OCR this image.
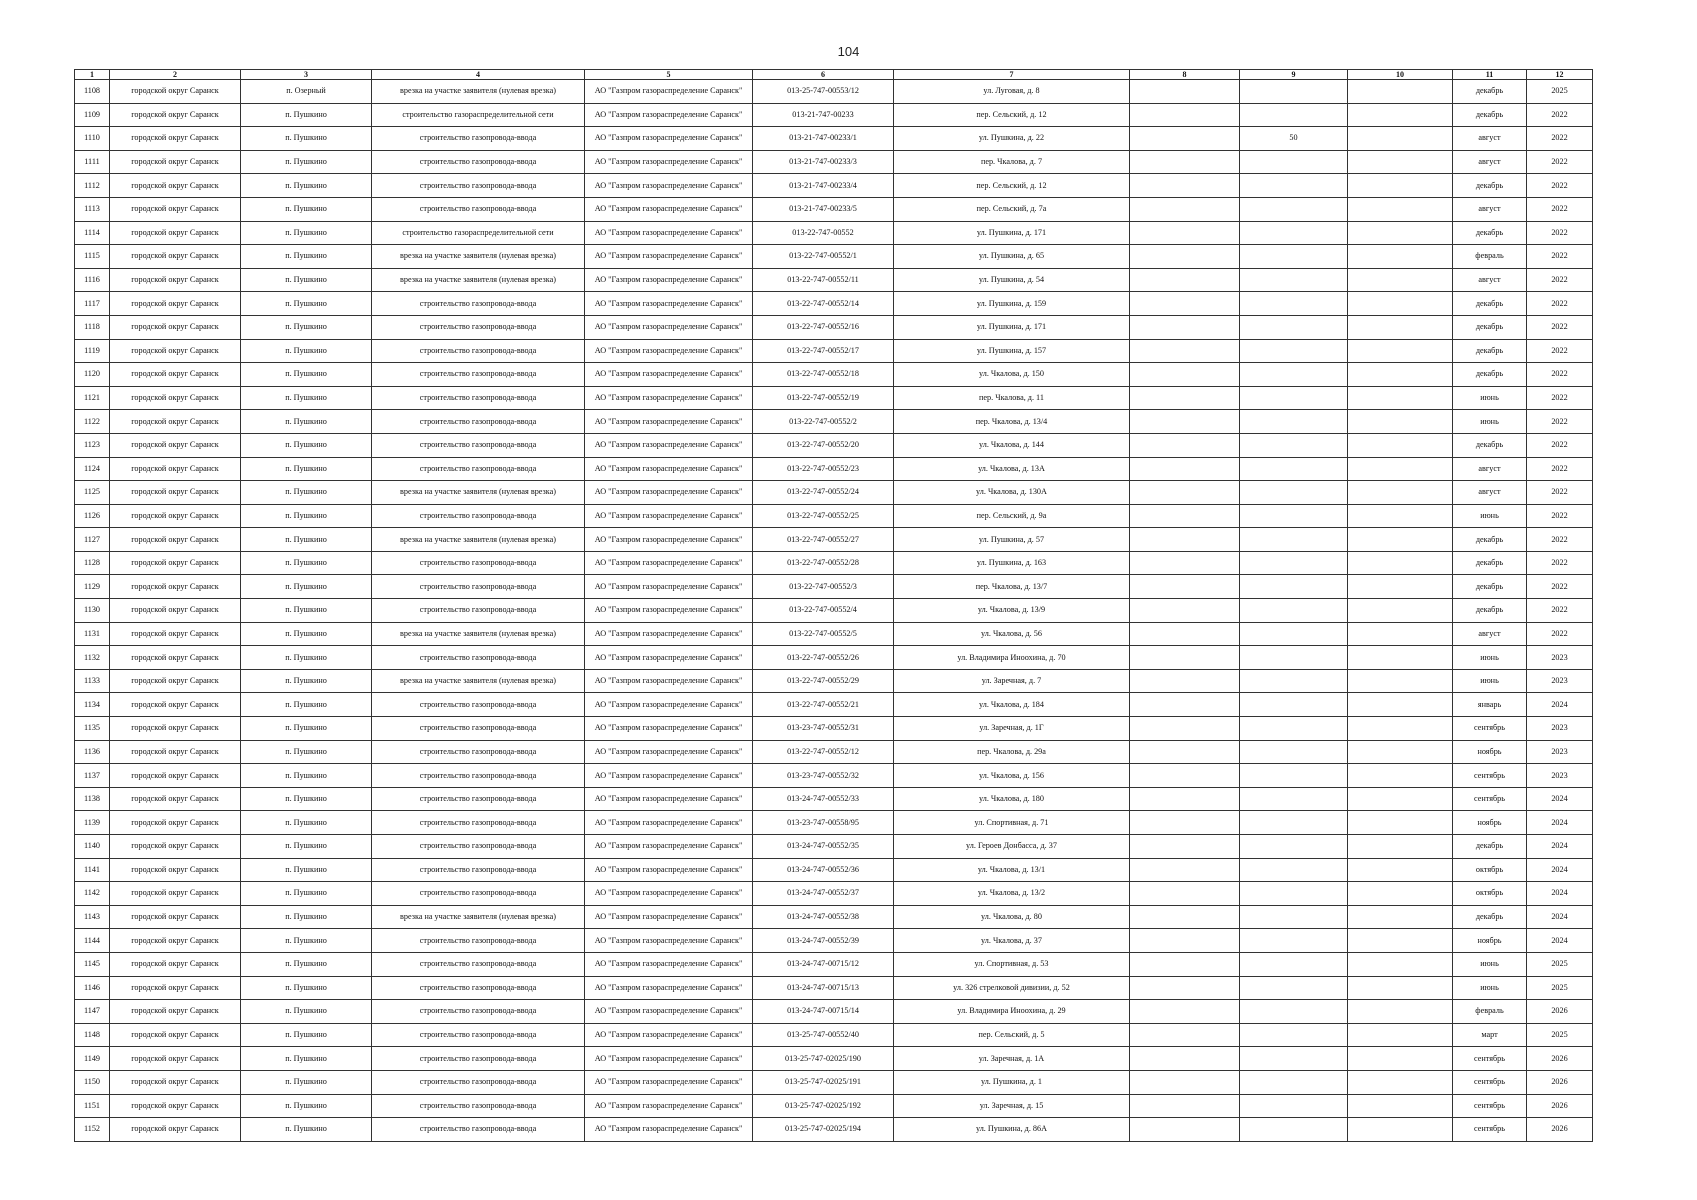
104
1	2	3	4	5	6	7	8	9	10	11	12
1108	городской округ Саранск	п. Озерный	врезка на участке заявителя (нулевая врезка)	АО "Газпром газораспределение Саранск"	013-25-747-00553/12	ул. Луговая, д. 8				декабрь	2025
1109	городской округ Саранск	п. Пушкино	строительство газораспределительной сети	АО "Газпром газораспределение Саранск"	013-21-747-00233	пер. Сельский, д. 12				декабрь	2022
1110	городской округ Саранск	п. Пушкино	строительство газопровода-ввода	АО "Газпром газораспределение Саранск"	013-21-747-00233/1	ул. Пушкина, д. 22		50		август	2022
1111	городской округ Саранск	п. Пушкино	строительство газопровода-ввода	АО "Газпром газораспределение Саранск"	013-21-747-00233/3	пер. Чкалова, д. 7				август	2022
1112	городской округ Саранск	п. Пушкино	строительство газопровода-ввода	АО "Газпром газораспределение Саранск"	013-21-747-00233/4	пер. Сельский, д. 12				декабрь	2022
1113	городской округ Саранск	п. Пушкино	строительство газопровода-ввода	АО "Газпром газораспределение Саранск"	013-21-747-00233/5	пер. Сельский, д. 7а				август	2022
1114	городской округ Саранск	п. Пушкино	строительство газораспределительной сети	АО "Газпром газораспределение Саранск"	013-22-747-00552	ул. Пушкина, д. 171				декабрь	2022
1115	городской округ Саранск	п. Пушкино	врезка на участке заявителя (нулевая врезка)	АО "Газпром газораспределение Саранск"	013-22-747-00552/1	ул. Пушкина, д. 65				февраль	2022
1116	городской округ Саранск	п. Пушкино	врезка на участке заявителя (нулевая врезка)	АО "Газпром газораспределение Саранск"	013-22-747-00552/11	ул. Пушкина, д. 54				август	2022
1117	городской округ Саранск	п. Пушкино	строительство газопровода-ввода	АО "Газпром газораспределение Саранск"	013-22-747-00552/14	ул. Пушкина, д. 159				декабрь	2022
1118	городской округ Саранск	п. Пушкино	строительство газопровода-ввода	АО "Газпром газораспределение Саранск"	013-22-747-00552/16	ул. Пушкина, д. 171				декабрь	2022
1119	городской округ Саранск	п. Пушкино	строительство газопровода-ввода	АО "Газпром газораспределение Саранск"	013-22-747-00552/17	ул. Пушкина, д. 157				декабрь	2022
1120	городской округ Саранск	п. Пушкино	строительство газопровода-ввода	АО "Газпром газораспределение Саранск"	013-22-747-00552/18	ул. Чкалова, д. 150				декабрь	2022
1121	городской округ Саранск	п. Пушкино	строительство газопровода-ввода	АО "Газпром газораспределение Саранск"	013-22-747-00552/19	пер. Чкалова, д. 11				июнь	2022
1122	городской округ Саранск	п. Пушкино	строительство газопровода-ввода	АО "Газпром газораспределение Саранск"	013-22-747-00552/2	пер. Чкалова, д. 13/4				июнь	2022
1123	городской округ Саранск	п. Пушкино	строительство газопровода-ввода	АО "Газпром газораспределение Саранск"	013-22-747-00552/20	ул. Чкалова, д. 144				декабрь	2022
1124	городской округ Саранск	п. Пушкино	строительство газопровода-ввода	АО "Газпром газораспределение Саранск"	013-22-747-00552/23	ул. Чкалова, д. 13А				август	2022
1125	городской округ Саранск	п. Пушкино	врезка на участке заявителя (нулевая врезка)	АО "Газпром газораспределение Саранск"	013-22-747-00552/24	ул. Чкалова, д. 130А				август	2022
1126	городской округ Саранск	п. Пушкино	строительство газопровода-ввода	АО "Газпром газораспределение Саранск"	013-22-747-00552/25	пер. Сельский, д. 9а				июнь	2022
1127	городской округ Саранск	п. Пушкино	врезка на участке заявителя (нулевая врезка)	АО "Газпром газораспределение Саранск"	013-22-747-00552/27	ул. Пушкина, д. 57				декабрь	2022
1128	городской округ Саранск	п. Пушкино	строительство газопровода-ввода	АО "Газпром газораспределение Саранск"	013-22-747-00552/28	ул. Пушкина, д. 163				декабрь	2022
1129	городской округ Саранск	п. Пушкино	строительство газопровода-ввода	АО "Газпром газораспределение Саранск"	013-22-747-00552/3	пер. Чкалова, д. 13/7				декабрь	2022
1130	городской округ Саранск	п. Пушкино	строительство газопровода-ввода	АО "Газпром газораспределение Саранск"	013-22-747-00552/4	ул. Чкалова, д. 13/9				декабрь	2022
1131	городской округ Саранск	п. Пушкино	врезка на участке заявителя (нулевая врезка)	АО "Газпром газораспределение Саранск"	013-22-747-00552/5	ул. Чкалова, д. 56				август	2022
1132	городской округ Саранск	п. Пушкино	строительство газопровода-ввода	АО "Газпром газораспределение Саранск"	013-22-747-00552/26	ул. Владимира Иноохина, д. 70				июнь	2023
1133	городской округ Саранск	п. Пушкино	врезка на участке заявителя (нулевая врезка)	АО "Газпром газораспределение Саранск"	013-22-747-00552/29	ул. Заречная, д. 7				июнь	2023
1134	городской округ Саранск	п. Пушкино	строительство газопровода-ввода	АО "Газпром газораспределение Саранск"	013-22-747-00552/21	ул. Чкалова, д. 184				январь	2024
1135	городской округ Саранск	п. Пушкино	строительство газопровода-ввода	АО "Газпром газораспределение Саранск"	013-23-747-00552/31	ул. Заречная, д. 1Г				сентябрь	2023
1136	городской округ Саранск	п. Пушкино	строительство газопровода-ввода	АО "Газпром газораспределение Саранск"	013-22-747-00552/12	пер. Чкалова, д. 29а				ноябрь	2023
1137	городской округ Саранск	п. Пушкино	строительство газопровода-ввода	АО "Газпром газораспределение Саранск"	013-23-747-00552/32	ул. Чкалова, д. 156				сентябрь	2023
1138	городской округ Саранск	п. Пушкино	строительство газопровода-ввода	АО "Газпром газораспределение Саранск"	013-24-747-00552/33	ул. Чкалова, д. 180				сентябрь	2024
1139	городской округ Саранск	п. Пушкино	строительство газопровода-ввода	АО "Газпром газораспределение Саранск"	013-23-747-00558/95	ул. Спортивная, д. 71				ноябрь	2024
1140	городской округ Саранск	п. Пушкино	строительство газопровода-ввода	АО "Газпром газораспределение Саранск"	013-24-747-00552/35	ул. Героев Донбасса, д. 37				декабрь	2024
1141	городской округ Саранск	п. Пушкино	строительство газопровода-ввода	АО "Газпром газораспределение Саранск"	013-24-747-00552/36	ул. Чкалова, д. 13/1				октябрь	2024
1142	городской округ Саранск	п. Пушкино	строительство газопровода-ввода	АО "Газпром газораспределение Саранск"	013-24-747-00552/37	ул. Чкалова, д. 13/2				октябрь	2024
1143	городской округ Саранск	п. Пушкино	врезка на участке заявителя (нулевая врезка)	АО "Газпром газораспределение Саранск"	013-24-747-00552/38	ул. Чкалова, д. 80				декабрь	2024
1144	городской округ Саранск	п. Пушкино	строительство газопровода-ввода	АО "Газпром газораспределение Саранск"	013-24-747-00552/39	ул. Чкалова, д. 37				ноябрь	2024
1145	городской округ Саранск	п. Пушкино	строительство газопровода-ввода	АО "Газпром газораспределение Саранск"	013-24-747-00715/12	ул. Спортивная, д. 53				июнь	2025
1146	городской округ Саранск	п. Пушкино	строительство газопровода-ввода	АО "Газпром газораспределение Саранск"	013-24-747-00715/13	ул. 326 стрелковой дивизии, д. 52				июнь	2025
1147	городской округ Саранск	п. Пушкино	строительство газопровода-ввода	АО "Газпром газораспределение Саранск"	013-24-747-00715/14	ул. Владимира Иноохина, д. 29				февраль	2026
1148	городской округ Саранск	п. Пушкино	строительство газопровода-ввода	АО "Газпром газораспределение Саранск"	013-25-747-00552/40	пер. Сельский, д. 5				март	2025
1149	городской округ Саранск	п. Пушкино	строительство газопровода-ввода	АО "Газпром газораспределение Саранск"	013-25-747-02025/190	ул. Заречная, д. 1А				сентябрь	2026
1150	городской округ Саранск	п. Пушкино	строительство газопровода-ввода	АО "Газпром газораспределение Саранск"	013-25-747-02025/191	ул. Пушкина, д. 1				сентябрь	2026
1151	городской округ Саранск	п. Пушкино	строительство газопровода-ввода	АО "Газпром газораспределение Саранск"	013-25-747-02025/192	ул. Заречная, д. 15				сентябрь	2026
1152	городской округ Саранск	п. Пушкино	строительство газопровода-ввода	АО "Газпром газораспределение Саранск"	013-25-747-02025/194	ул. Пушкина, д. 86А				сентябрь	2026
